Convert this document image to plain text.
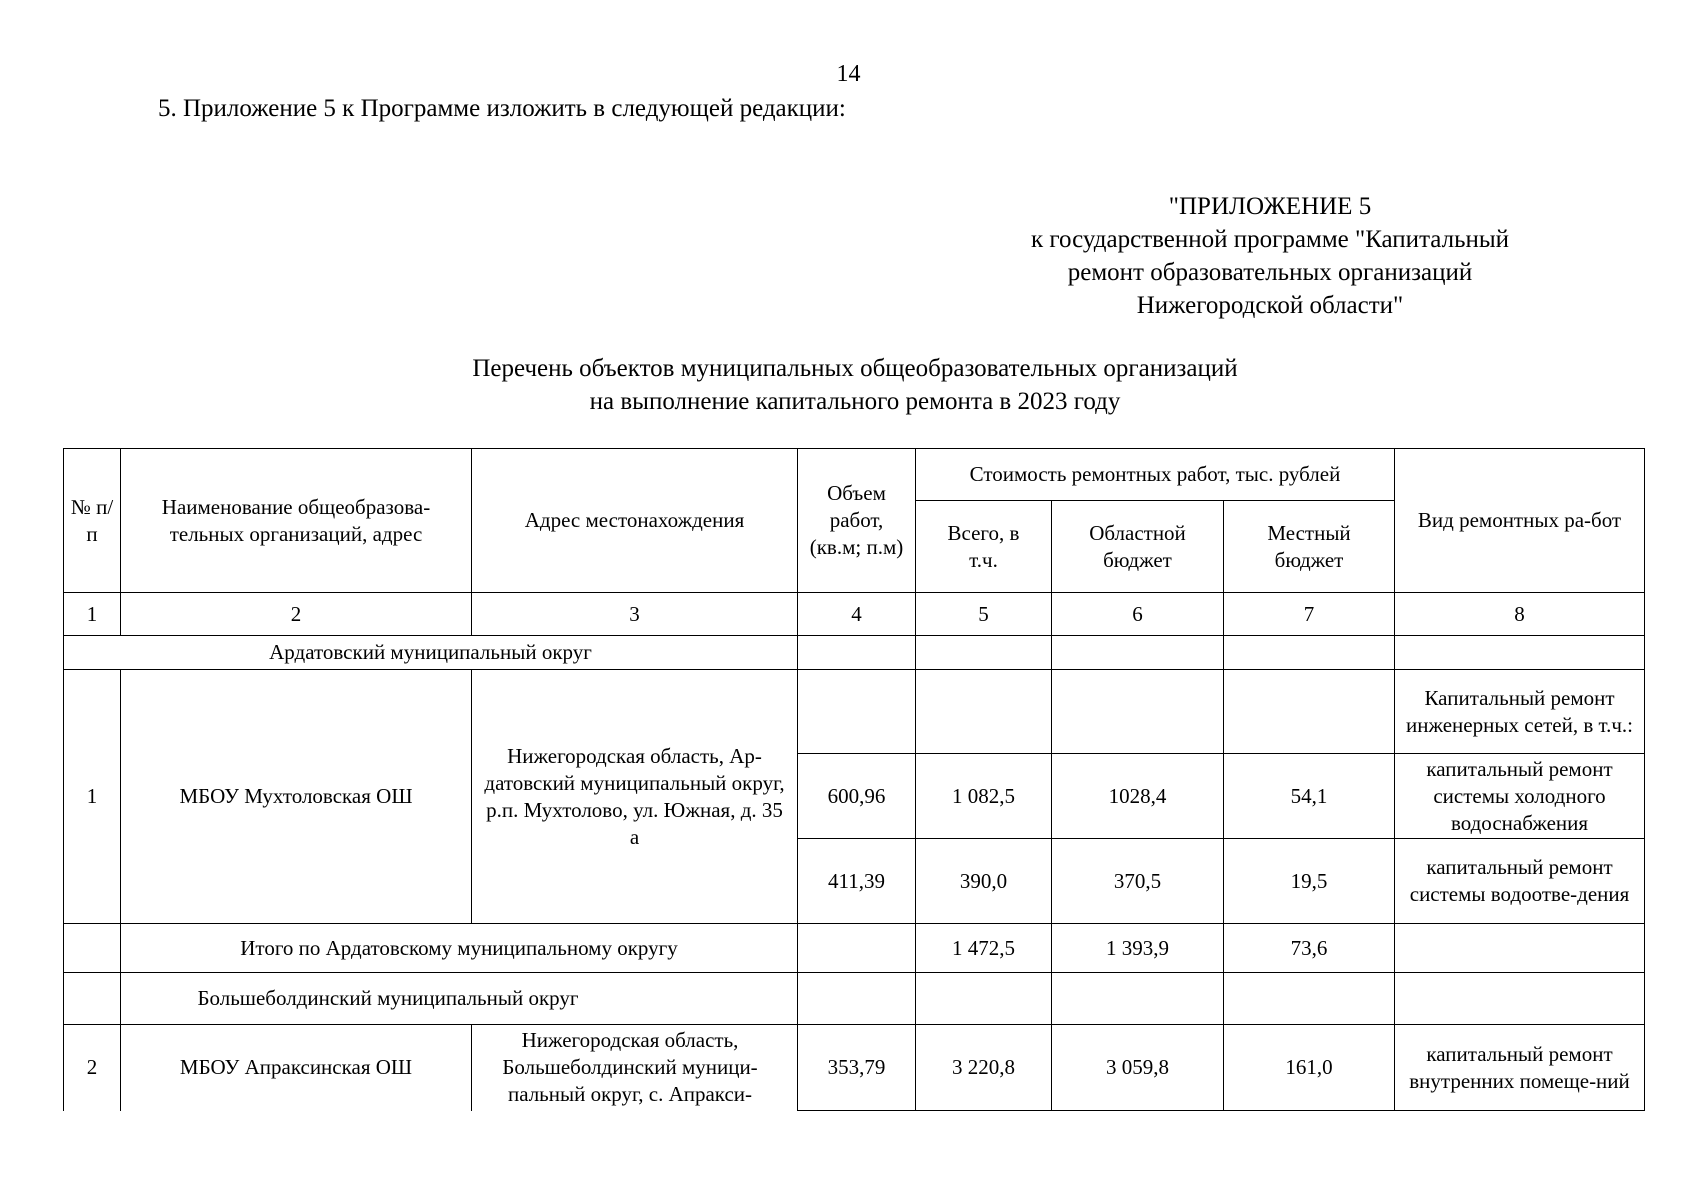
14
5. Приложение 5 к Программе изложить в следующей редакции:
"ПРИЛОЖЕНИЕ 5
к государственной программе "Капитальный
ремонт образовательных организаций
Нижегородской области"
Перечень объектов муниципальных общеобразовательных организаций
на выполнение капитального ремонта в 2023 году
№ п/п	Наименование общеобразова-тельных организаций, адрес	Адрес местонахождения	Объем работ, (кв.м; п.м)	Стоимость ремонтных работ, тыс. рублей			Вид ремонтных ра-бот
				Всего, в т.ч.	Областной бюджет	Местный бюджет	
1	2	3	4	5	6	7	8
Ардатовский муниципальный округ							
1	МБОУ Мухтоловская ОШ	Нижегородская область, Ар-датовский муниципальный округ, р.п. Мухтолово, ул. Южная, д. 35 а					Капитальный ремонт инженерных сетей, в т.ч.:
			600,96	1 082,5	1028,4	54,1	капитальный ремонт системы холодного водоснабжения
			411,39	390,0	370,5	19,5	капитальный ремонт системы водоотве-дения
	Итого по Ардатовскому муниципальному округу			1 472,5	1 393,9	73,6	
	Большеболдинский муниципальный округ						
2	МБОУ Апраксинская ОШ	Нижегородская область, Большеболдинский муници-пальный округ, с. Апракси-	353,79	3 220,8	3 059,8	161,0	капитальный ремонт внутренних помеще-ний
